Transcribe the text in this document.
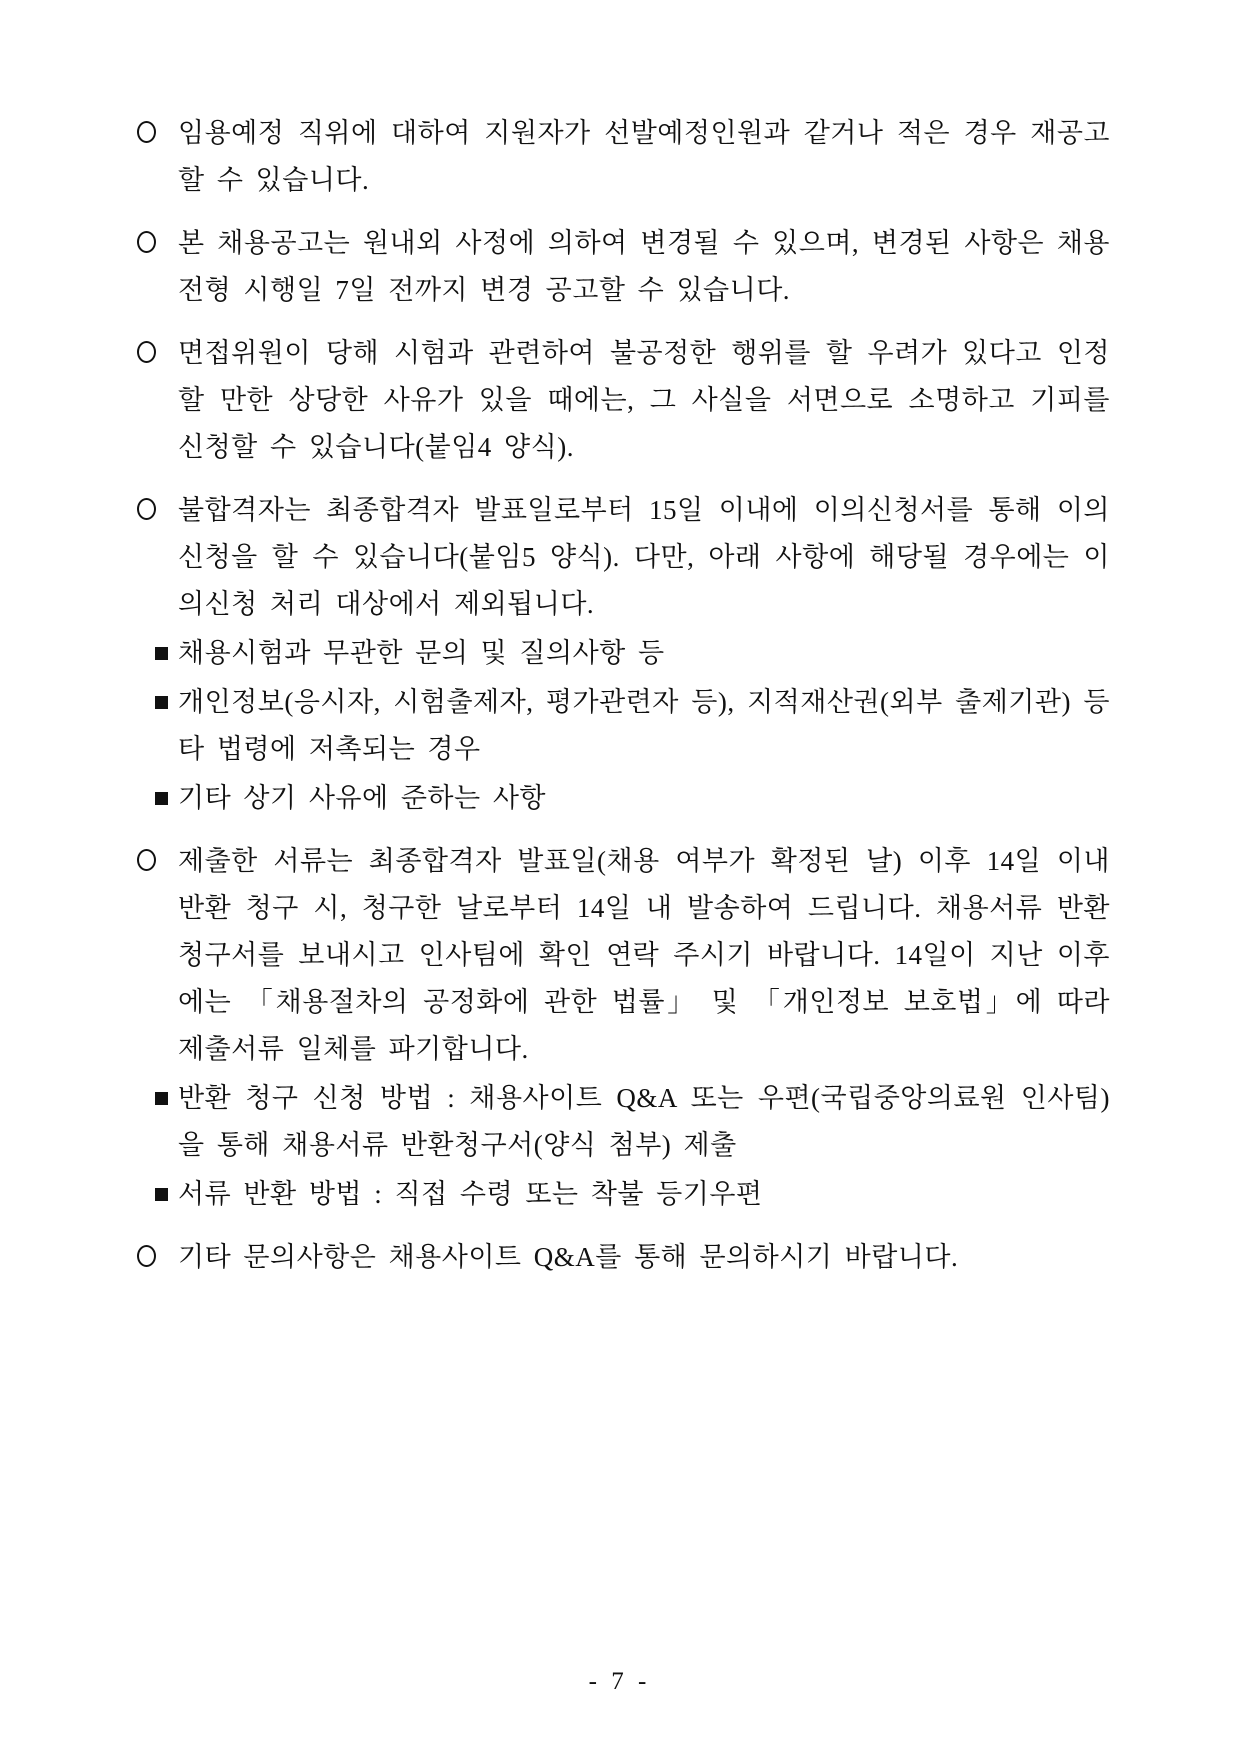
임용예정 직위에 대하여 지원자가 선발예정인원과 같거나 적은 경우 재공고할 수 있습니다.
본 채용공고는 원내외 사정에 의하여 변경될 수 있으며, 변경된 사항은 채용전형 시행일 7일 전까지 변경 공고할 수 있습니다.
면접위원이 당해 시험과 관련하여 불공정한 행위를 할 우려가 있다고 인정할 만한 상당한 사유가 있을 때에는, 그 사실을 서면으로 소명하고 기피를 신청할 수 있습니다(붙임4 양식).
불합격자는 최종합격자 발표일로부터 15일 이내에 이의신청서를 통해 이의신청을 할 수 있습니다(붙임5 양식). 다만, 아래 사항에 해당될 경우에는 이의신청 처리 대상에서 제외됩니다.
채용시험과 무관한 문의 및 질의사항 등
개인정보(응시자, 시험출제자, 평가관련자 등), 지적재산권(외부 출제기관) 등 타 법령에 저촉되는 경우
기타 상기 사유에 준하는 사항
제출한 서류는 최종합격자 발표일(채용 여부가 확정된 날) 이후 14일 이내 반환 청구 시, 청구한 날로부터 14일 내 발송하여 드립니다. 채용서류 반환청구서를 보내시고 인사팀에 확인 연락 주시기 바랍니다. 14일이 지난 이후에는 「채용절차의 공정화에 관한 법률」 및 「개인정보 보호법」에 따라 제출서류 일체를 파기합니다.
반환 청구 신청 방법 : 채용사이트 Q&A 또는 우편(국립중앙의료원 인사팀)을 통해 채용서류 반환청구서(양식 첨부) 제출
서류 반환 방법 : 직접 수령 또는 착불 등기우편
기타 문의사항은 채용사이트 Q&A를 통해 문의하시기 바랍니다.
- 7 -
